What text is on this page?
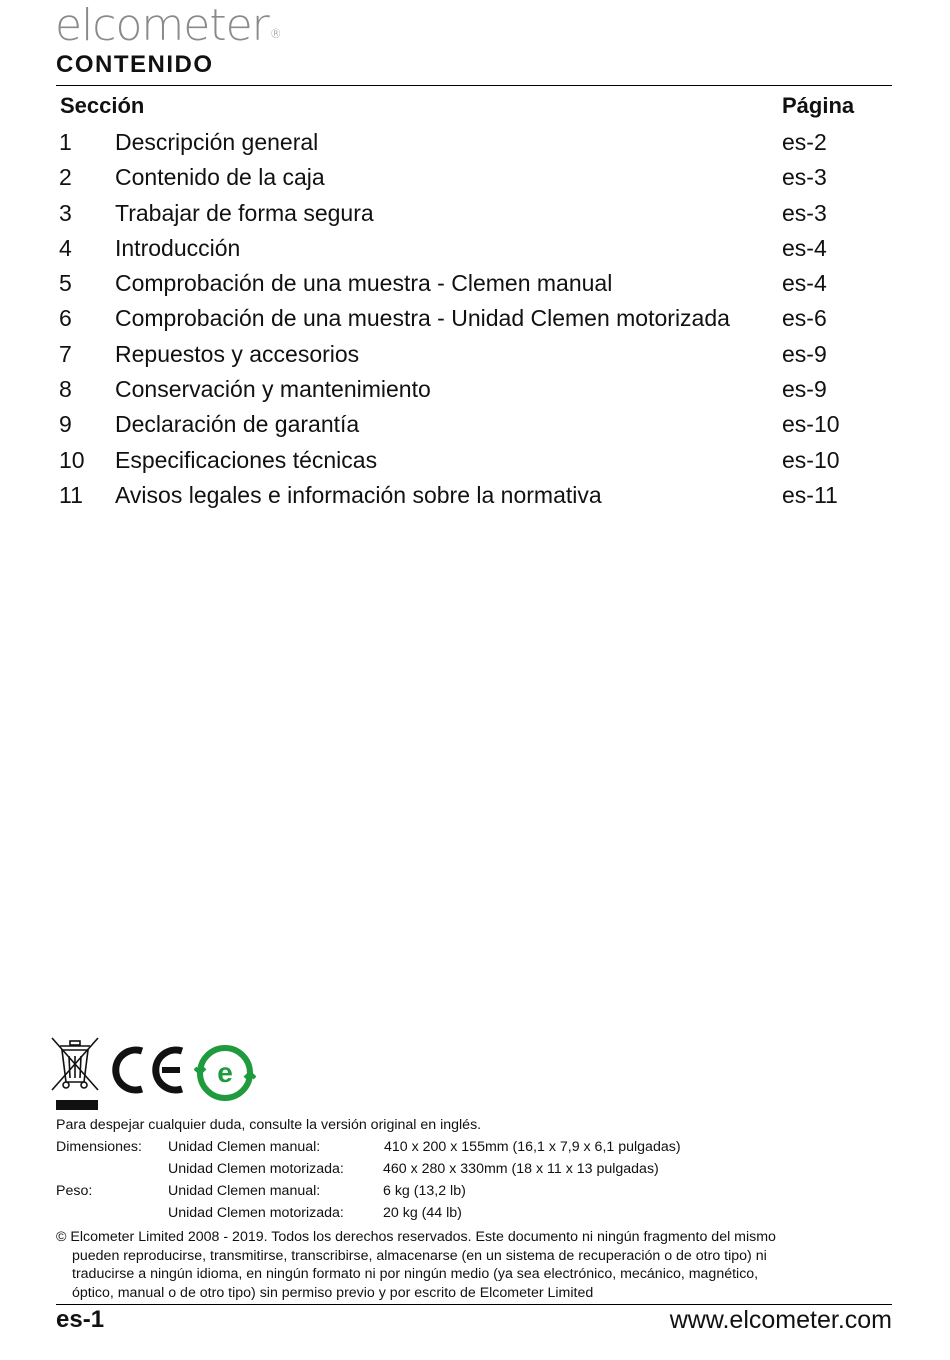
elcometer®
CONTENIDO
Sección	Página
1 Descripción general	es-2
2 Contenido de la caja	es-3
3 Trabajar de forma segura	es-3
4 Introducción	es-4
5 Comprobación de una muestra - Clemen manual	es-4
6 Comprobación de una muestra - Unidad Clemen motorizada es-6
7 Repuestos y accesorios	es-9
8 Conservación y mantenimiento	es-9
9 Declaración de garantía	es-10
10 Especificaciones técnicas	es-10
11 Avisos legales e información sobre la normativa	es-11
e
Para despejar cualquier duda, consulte la versión original en inglés.
Dimensiones: Unidad Clemen manual:	410 x 200 x 155mm (16,1 x 7,9 x 6,1 pulgadas)
Unidad Clemen motorizada:	460 x 280 x 330mm (18 x 11 x 13 pulgadas)
Peso:	Unidad Clemen manual:	6 kg (13,2 lb)
Unidad Clemen motorizada:	20 kg (44 lb)
© Elcometer Limited 2008 - 2019. Todos los derechos reservados. Este documento ni ningún fragmento del mismo
pueden reproducirse, transmitirse, transcribirse, almacenarse (en un sistema de recuperación o de otro tipo) ni
traducirse a ningún idioma, en ningún formato ni por ningún medio (ya sea electrónico, mecánico, magnético,
óptico, manual o de otro tipo) sin permiso previo y por escrito de Elcometer Limited
es-1	www.elcometer.com
